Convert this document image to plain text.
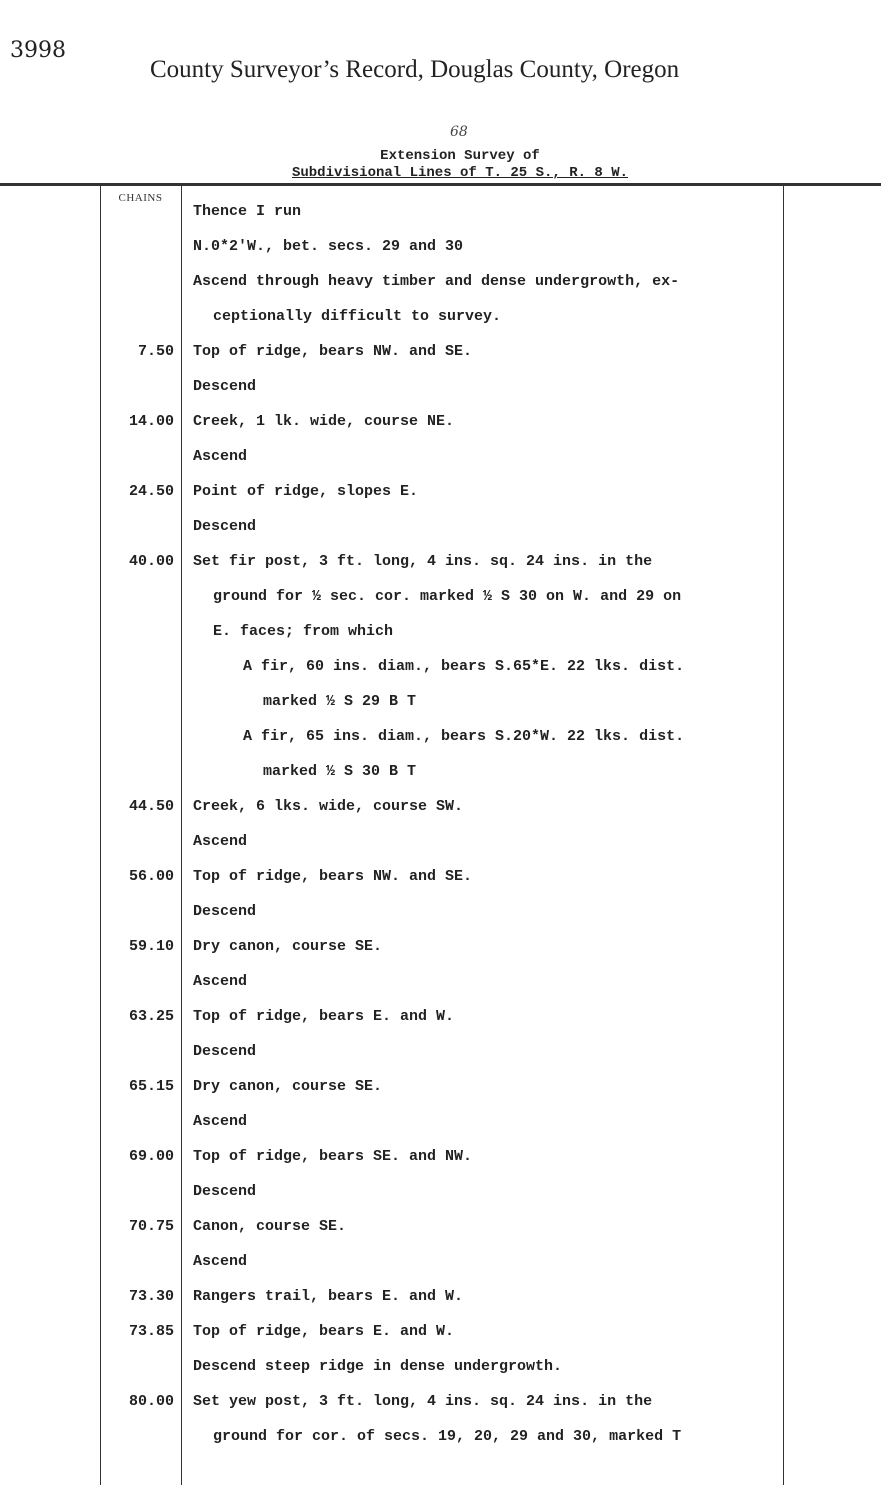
3998
County Surveyor’s Record, Douglas County, Oregon
68
Extension Survey of
Subdivisional Lines of T. 25 S., R. 8 W.
CHAINS
Thence I run
N.0*2'W., bet. secs. 29 and 30
Ascend through heavy timber and dense undergrowth, ex-
ceptionally difficult to survey.
7.50 Top of ridge, bears NW. and SE.
Descend
14.00 Creek, 1 lk. wide, course NE.
Ascend
24.50 Point of ridge, slopes E.
Descend
40.00 Set fir post, 3 ft. long, 4 ins. sq. 24 ins. in the
ground for ½ sec. cor. marked ½ S 30 on W. and 29 on
E. faces; from which
A fir, 60 ins. diam., bears S.65*E. 22 lks. dist.
marked ½ S 29 B T
A fir, 65 ins. diam., bears S.20*W. 22 lks. dist.
marked ½ S 30 B T
44.50 Creek, 6 lks. wide, course SW.
Ascend
56.00 Top of ridge, bears NW. and SE.
Descend
59.10 Dry canon, course SE.
Ascend
63.25 Top of ridge, bears E. and W.
Descend
65.15 Dry canon, course SE.
Ascend
69.00 Top of ridge, bears SE. and NW.
Descend
70.75 Canon, course SE.
Ascend
73.30 Rangers trail, bears E. and W.
73.85 Top of ridge, bears E. and W.
Descend steep ridge in dense undergrowth.
80.00 Set yew post, 3 ft. long, 4 ins. sq. 24 ins. in the
ground for cor. of secs. 19, 20, 29 and 30, marked T
